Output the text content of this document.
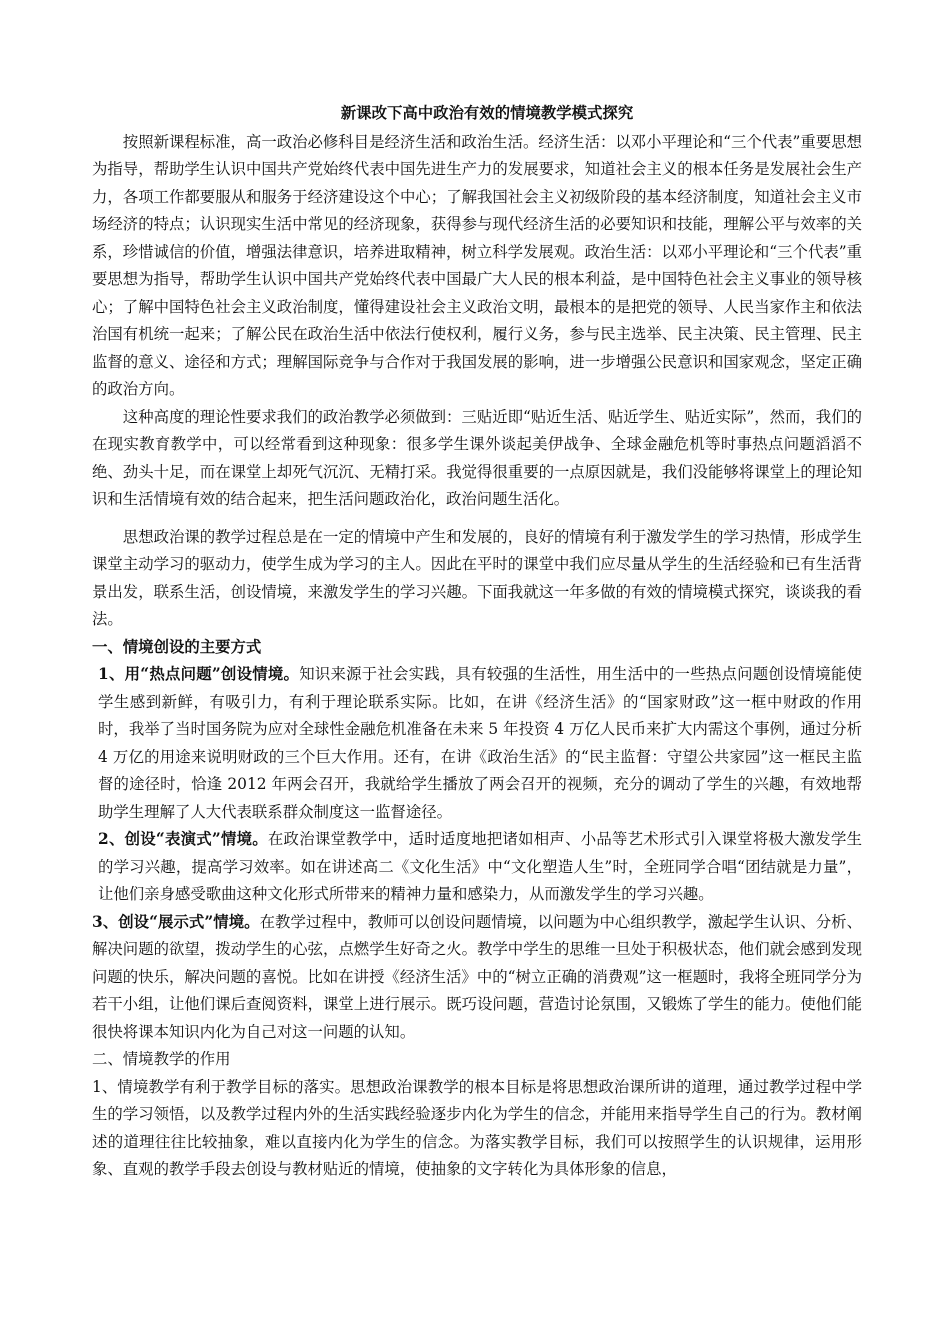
新课改下高中政治有效的情境教学模式探究

按照新课程标准，高一政治必修科目是经济生活和政治生活。经济生活：以邓小平理论和“三个代表”重要思想为指导，帮助学生认识中国共产党始终代表中国先进生产力的发展要求，知道社会主义的根本任务是发展社会生产力，各项工作都要服从和服务于经济建设这个中心；了解我国社会主义初级阶段的基本经济制度，知道社会主义市场经济的特点；认识现实生活中常见的经济现象，获得参与现代经济生活的必要知识和技能，理解公平与效率的关系，珍惜诚信的价值，增强法律意识，培养进取精神，树立科学发展观。政治生活：以邓小平理论和“三个代表”重要思想为指导，帮助学生认识中国共产党始终代表中国最广大人民的根本利益，是中国特色社会主义事业的领导核心；了解中国特色社会主义政治制度，懂得建设社会主义政治文明，最根本的是把党的领导、人民当家作主和依法治国有机统一起来；了解公民在政治生活中依法行使权利，履行义务，参与民主选举、民主决策、民主管理、民主监督的意义、途径和方式；理解国际竞争与合作对于我国发展的影响，进一步增强公民意识和国家观念，坚定正确的政治方向。

这种高度的理论性要求我们的政治教学必须做到：三贴近即“贴近生活、贴近学生、贴近实际”，然而，我们的在现实教育教学中，可以经常看到这种现象：很多学生课外谈起美伊战争、全球金融危机等时事热点问题滔滔不绝、劲头十足，而在课堂上却死气沉沉、无精打采。我觉得很重要的一点原因就是，我们没能够将课堂上的理论知识和生活情境有效的结合起来，把生活问题政治化，政治问题生活化。

思想政治课的教学过程总是在一定的情境中产生和发展的，良好的情境有利于激发学生的学习热情，形成学生课堂主动学习的驱动力，使学生成为学习的主人。因此在平时的课堂中我们应尽量从学生的生活经验和已有生活背景出发，联系生活，创设情境，来激发学生的学习兴趣。下面我就这一年多做的有效的情境模式探究，谈谈我的看法。

一、情境创设的主要方式

1、用“热点问题”创设情境。知识来源于社会实践，具有较强的生活性，用生活中的一些热点问题创设情境能使学生感到新鲜，有吸引力，有利于理论联系实际。比如，在讲《经济生活》的“国家财政”这一框中财政的作用时，我举了当时国务院为应对全球性金融危机准备在未来 5 年投资 4 万亿人民币来扩大内需这个事例，通过分析 4 万亿的用途来说明财政的三个巨大作用。还有，在讲《政治生活》的“民主监督：守望公共家园”这一框民主监督的途径时，恰逢 2012 年两会召开，我就给学生播放了两会召开的视频，充分的调动了学生的兴趣，有效地帮助学生理解了人大代表联系群众制度这一监督途径。

2、创设“表演式”情境。在政治课堂教学中，适时适度地把诸如相声、小品等艺术形式引入课堂将极大激发学生的学习兴趣，提高学习效率。如在讲述高二《文化生活》中“文化塑造人生”时，全班同学合唱“团结就是力量”，让他们亲身感受歌曲这种文化形式所带来的精神力量和感染力，从而激发学生的学习兴趣。

3、创设“展示式”情境。在教学过程中，教师可以创设问题情境，以问题为中心组织教学，激起学生认识、分析、解决问题的欲望，拨动学生的心弦，点燃学生好奇之火。教学中学生的思维一旦处于积极状态，他们就会感到发现问题的快乐，解决问题的喜悦。比如在讲授《经济生活》中的“树立正确的消费观”这一框题时，我将全班同学分为若干小组，让他们课后查阅资料，课堂上进行展示。既巧设问题，营造讨论氛围，又锻炼了学生的能力。使他们能很快将课本知识内化为自己对这一问题的认知。

二、情境教学的作用

1、情境教学有利于教学目标的落实。思想政治课教学的根本目标是将思想政治课所讲的道理，通过教学过程中学生的学习领悟，以及教学过程内外的生活实践经验逐步内化为学生的信念，并能用来指导学生自己的行为。教材阐述的道理往往比较抽象，难以直接内化为学生的信念。为落实教学目标，我们可以按照学生的认识规律，运用形象、直观的教学手段去创设与教材贴近的情境，使抽象的文字转化为具体形象的信息，
